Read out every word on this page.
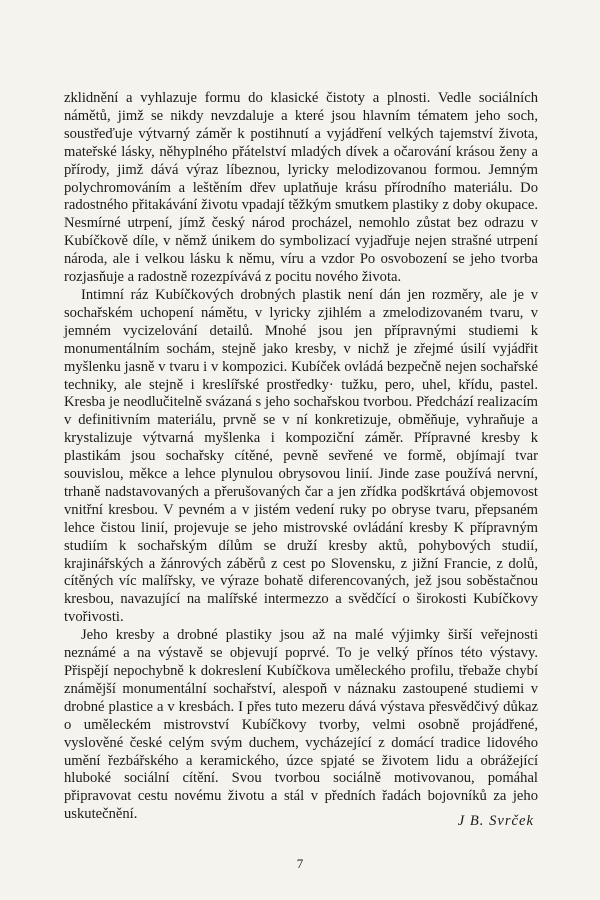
zklidnění a vyhlazuje formu do klasické čistoty a plnosti. Vedle sociálních námětů, jimž se nikdy nevzdaluje a které jsou hlavním tématem jeho soch, soustřeďuje výtvarný záměr k postihnutí a vyjádření velkých tajemství života, mateřské lásky, něhyplného přátelství mladých dívek a očarování krásou ženy a přírody, jimž dává výraz líbeznou, lyricky melodizovanou formou. Jemným polychromováním a leštěním dřev uplatňuje krásu přírodního materiálu. Do radostného přitakávání životu vpadají těžkým smutkem plastiky z doby okupace. Nesmírné utrpení, jímž český národ procházel, nemohlo zůstat bez odrazu v Kubíčkově díle, v němž únikem do symbolizací vyjadřuje nejen strašné utrpení národa, ale i velkou lásku k němu, víru a vzdor Po osvobození se jeho tvorba rozjasňuje a radostně rozezpívává z pocitu nového života.

Intimní ráz Kubíčkových drobných plastik není dán jen rozměry, ale je v sochařském uchopení námětu, v lyricky zjihlém a zmelodizovaném tvaru, v jemném vycizelování detailů. Mnohé jsou jen přípravnými studiemi k monumentálním sochám, stejně jako kresby, v nichž je zřejmé úsilí vyjádřit myšlenku jasně v tvaru i v kompozici. Kubíček ovládá bezpečně nejen sochařské techniky, ale stejně i kreslířské prostředky· tužku, pero, uhel, křídu, pastel. Kresba je neodlučitelně svázaná s jeho sochařskou tvorbou. Předchází realizacím v definitivním materiálu, prvně se v ní konkretizuje, obměňuje, vyhraňuje a krystalizuje výtvarná myšlenka i kompoziční záměr. Přípravné kresby k plastikám jsou sochařsky cítěné, pevně sevřené ve formě, objímají tvar souvislou, měkce a lehce plynulou obrysovou linií. Jinde zase používá nervní, trhaně nadstavovaných a přerušovaných čar a jen zřídka podškrtává objemovost vnitřní kresbou. V pevném a v jistém vedení ruky po obryse tvaru, přepsaném lehce čistou linií, projevuje se jeho mistrovské ovládání kresby K přípravným studiím k sochařským dílům se druží kresby aktů, pohybových studií, krajinářských a žánrových záběrů z cest po Slovensku, z jižní Francie, z dolů, cítěných víc malířsky, ve výraze bohatě diferencovaných, jež jsou soběstačnou kresbou, navazující na malířské intermezzo a svědčící o širokosti Kubíčkovy tvořivosti.

Jeho kresby a drobné plastiky jsou až na malé výjimky širší veřejnosti neznámé a na výstavě se objevují poprvé. To je velký přínos této výstavy. Přispějí nepochybně k dokreslení Kubíčkova uměleckého profilu, třebaže chybí známější monumentální sochařství, alespoň v náznaku zastoupené studiemi v drobné plastice a v kresbách. I přes tuto mezeru dává výstava přesvědčivý důkaz o uměleckém mistrovství Kubíčkovy tvorby, velmi osobně projádřené, vyslověné české celým svým duchem, vycházející z domácí tradice lidového umění řezbářského a keramického, úzce spjaté se životem lidu a obrážející hluboké sociální cítění. Svou tvorbou sociálně motivovanou, pomáhal připravovat cestu novému životu a stál v předních řadách bojovníků za jeho uskutečnění.	J B. Svrček
7
